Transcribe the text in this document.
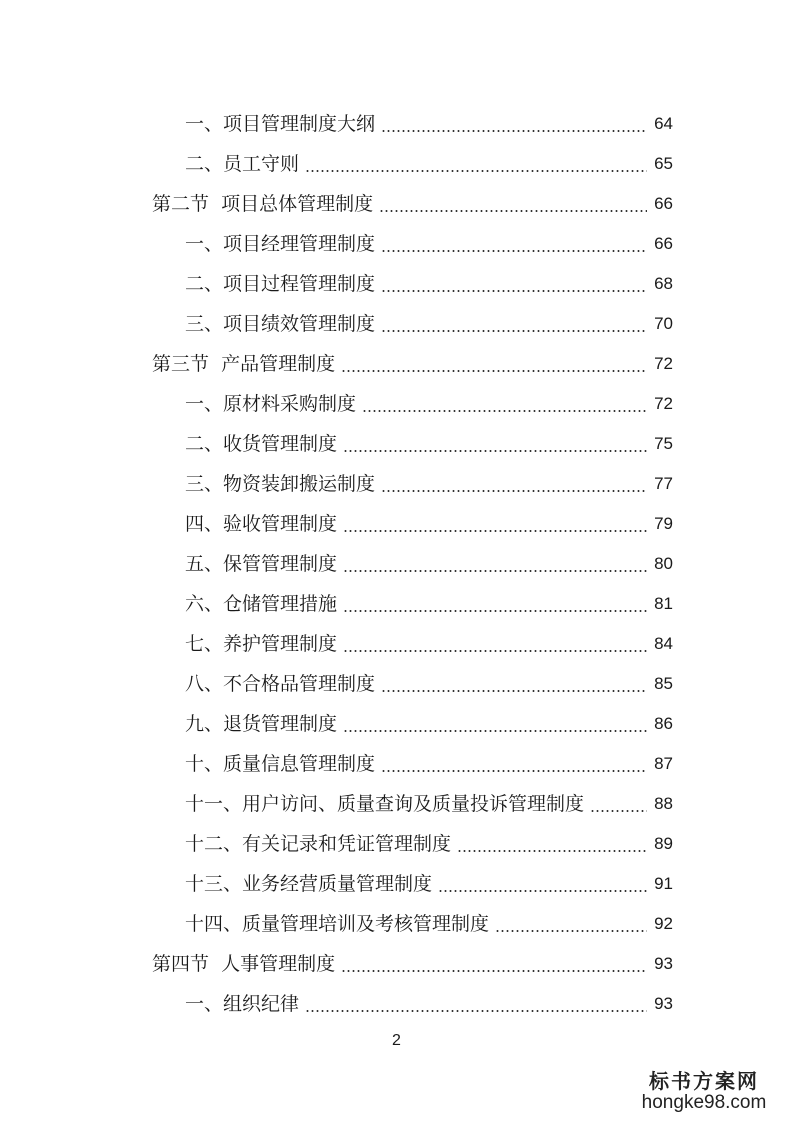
一、项目管理制度大纲	64
二、员工守则	65
第二节  项目总体管理制度	66
一、项目经理管理制度	66
二、项目过程管理制度	68
三、项目绩效管理制度	70
第三节  产品管理制度	72
一、原材料采购制度	72
二、收货管理制度	75
三、物资装卸搬运制度	77
四、验收管理制度	79
五、保管管理制度	80
六、仓储管理措施	81
七、养护管理制度	84
八、不合格品管理制度	85
九、退货管理制度	86
十、质量信息管理制度	87
十一、用户访问、质量查询及质量投诉管理制度	88
十二、有关记录和凭证管理制度	89
十三、业务经营质量管理制度	91
十四、质量管理培训及考核管理制度	92
第四节  人事管理制度	93
一、组织纪律	93
2
标书方案网
hongke98.com
